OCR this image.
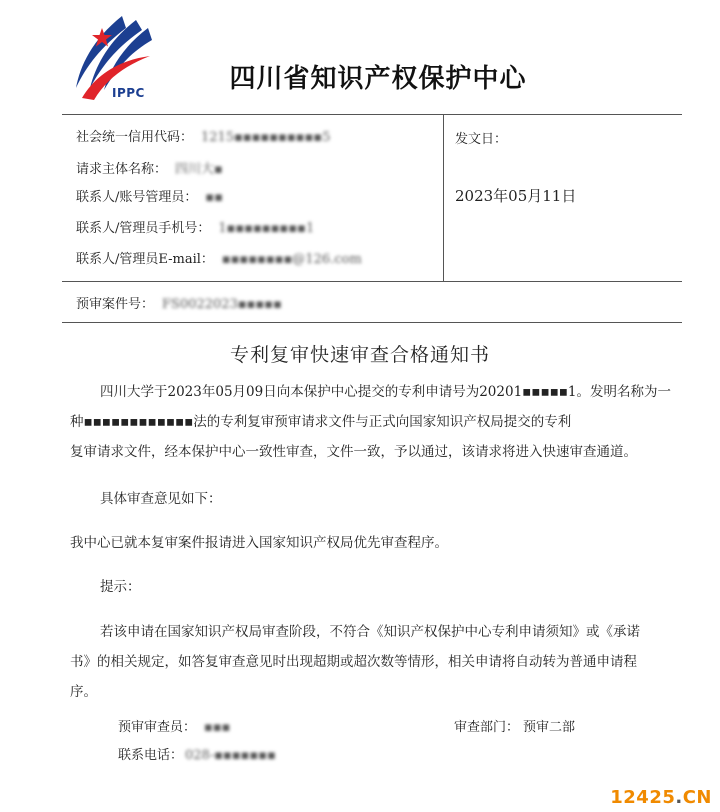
IPPC	四川省知识产权保护中心
社会统一信用代码： 1215▪▪▪▪▪▪▪▪▪▪5
请求主体名称： 四川大▪
联系人/账号管理员： ▪▪
联系人/管理员手机号： 1▪▪▪▪▪▪▪▪▪1
联系人/管理员E-mail： ▪▪▪▪▪▪▪▪@126.com
发文日：
2023年05月11日
预审案件号： FS0022023▪▪▪▪▪
专利复审快速审查合格通知书
四川大学于2023年05月09日向本保护中心提交的专利申请号为20201▪▪▪▪▪1。发明名称为一
种▪▪▪▪▪▪▪▪▪▪▪▪法的专利复审预审请求文件与正式向国家知识产权局提交的专利
复审请求文件，经本保护中心一致性审查，文件一致，予以通过，该请求将进入快速审查通道。
具体审查意见如下：
我中心已就本复审案件报请进入国家知识产权局优先审查程序。
提示：
若该申请在国家知识产权局审查阶段，不符合《知识产权保护中心专利申请须知》或《承诺
书》的相关规定，如答复审查意见时出现超期或超次数等情形，相关申请将自动转为普通申请程
序。
预审审查员： ▪▪▪	审查部门： 预审二部
联系电话： 028-▪▪▪▪▪▪▪
12425.CN
